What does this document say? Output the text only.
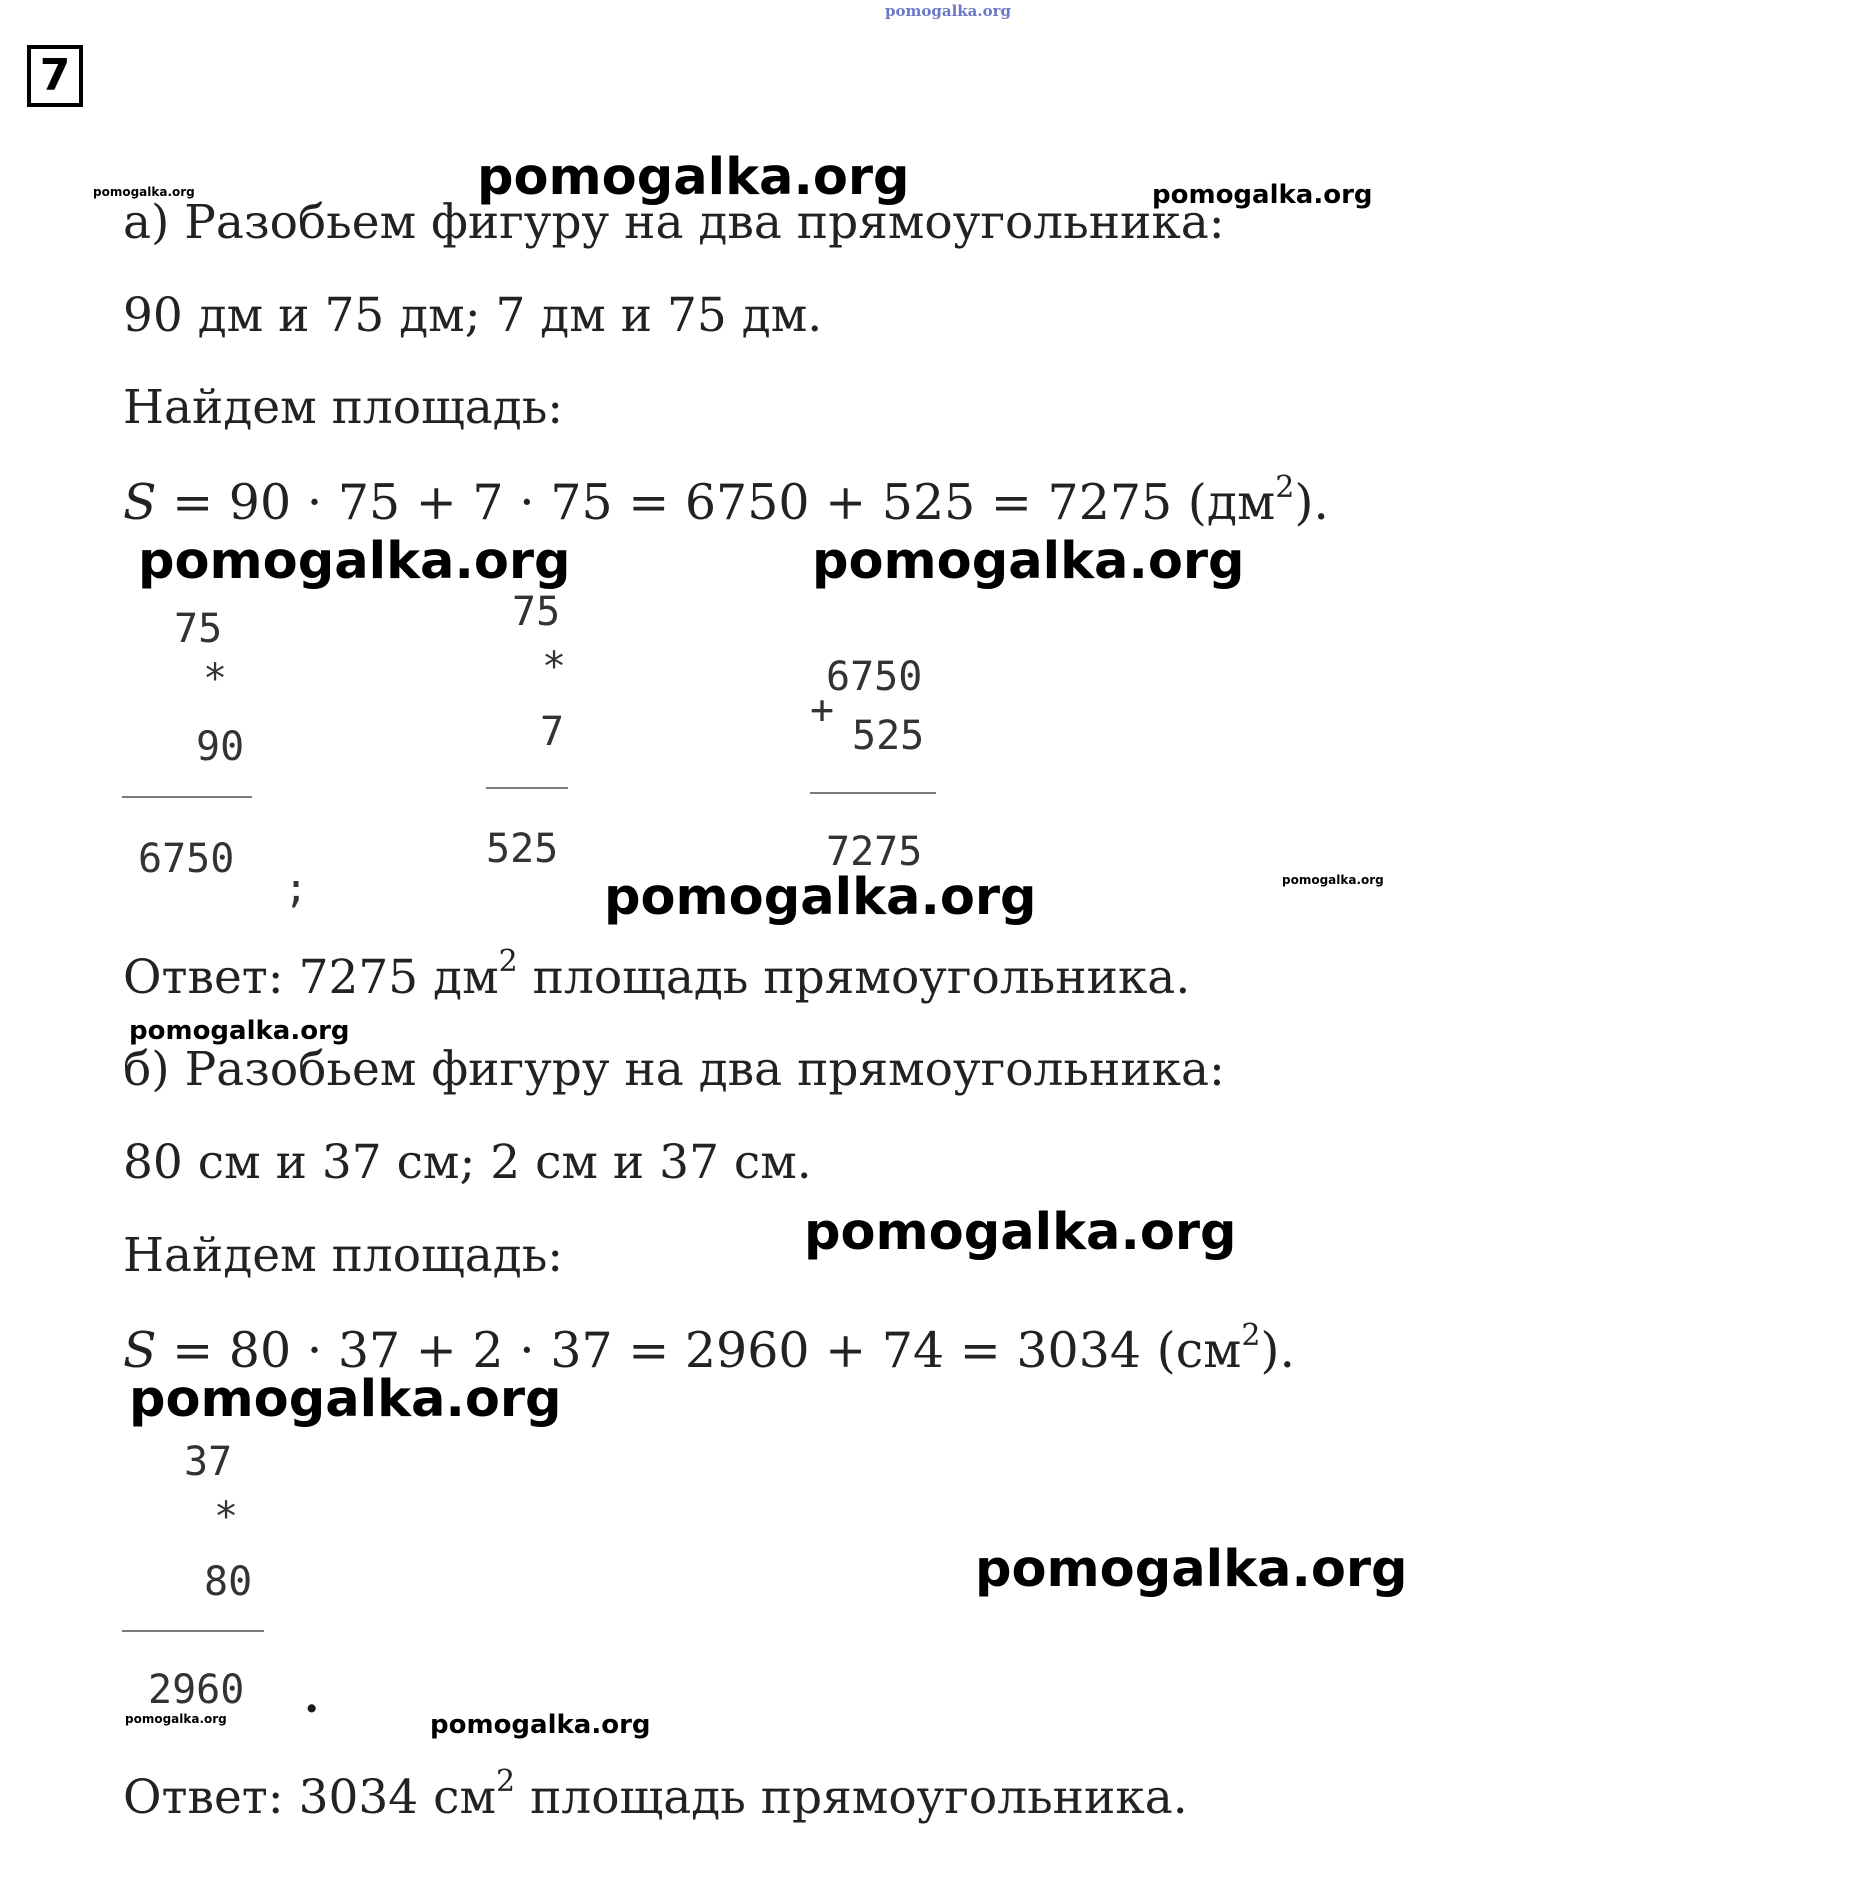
pomogalka.org
7
а) Разобьем фигуру на два прямоугольника:
90 дм и 75 дм; 7 дм и 75 дм.
Найдем площадь:
S = 90 · 75 + 7 · 75 = 6750 + 525 = 7275 $(дм^2)$.
75
*
90
6750
;
75
*
7
525
6750
+
525
7275
Ответ: 7275 $дм^2$ площадь прямоугольника.
б) Разобьем фигуру на два прямоугольника:
80 см и 37 см; 2 см и 37 см.
Найдем площадь:
S = 80 · 37 + 2 · 37 = 2960 + 74 = 3034 $(см^2)$.
37
*
80
2960 .
Ответ: 3034 $см^2$ площадь прямоугольника.
pomogalka.org
pomogalka.org	pomogalka.org
pomogalka.org	pomogalka.org
pomogalka.org	pomogalka.org
pomogalka.org
pomogalka.org
pomogalka.org
pomogalka.org
pomogalka.org	pomogalka.org
